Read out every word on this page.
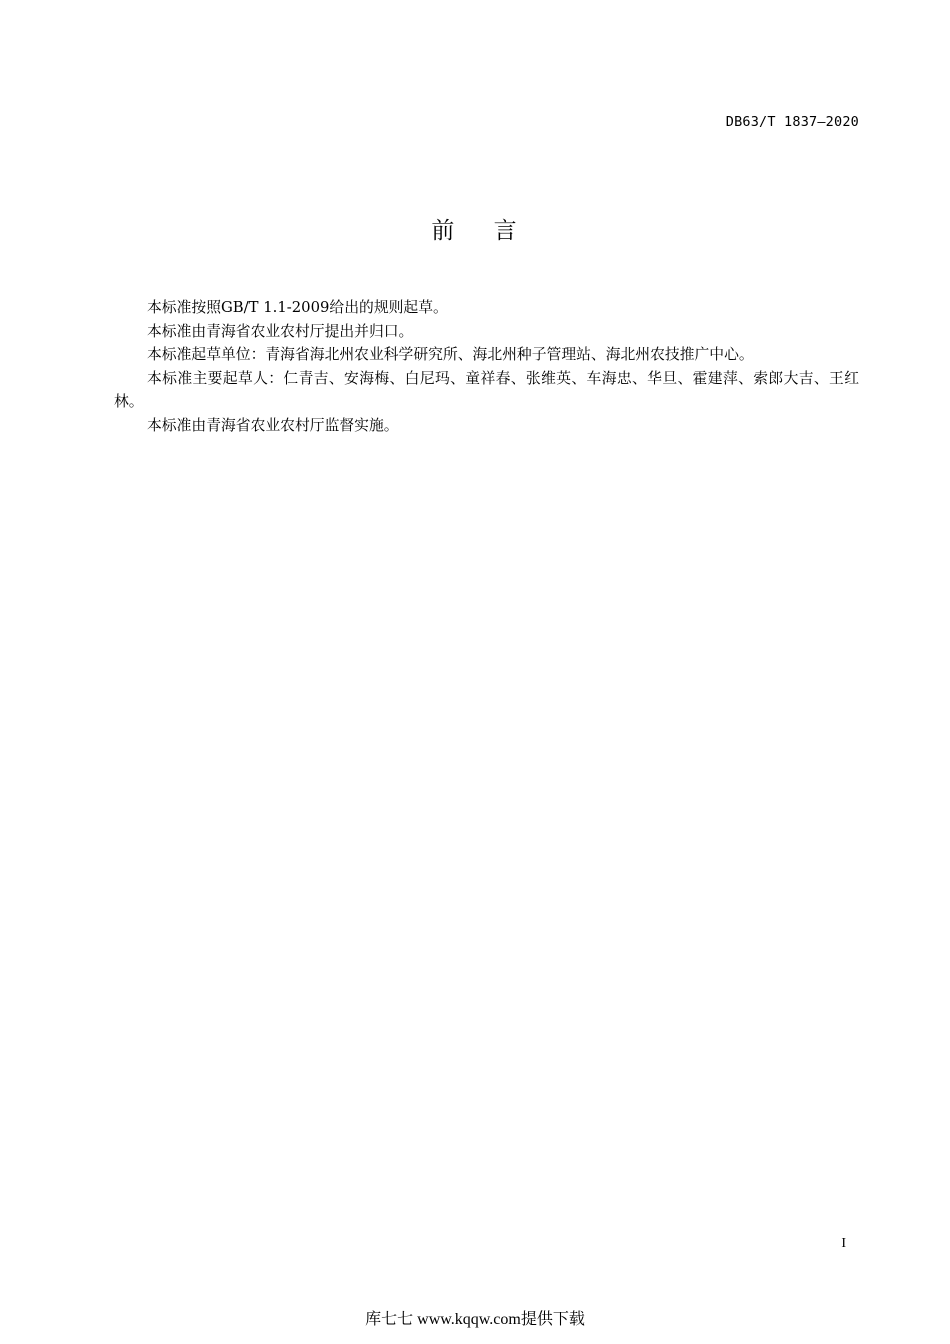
DB63/T 1837—2020
前    言

本标准按照GB/T 1.1-2009给出的规则起草。

本标准由青海省农业农村厅提出并归口。

本标准起草单位：青海省海北州农业科学研究所、海北州种子管理站、海北州农技推广中心。

本标准主要起草人：仁青吉、安海梅、白尼玛、童祥春、张维英、车海忠、华旦、霍建萍、索郎大吉、王红林。

本标准由青海省农业农村厅监督实施。

I
库七七 www.kqqw.com提供下载
